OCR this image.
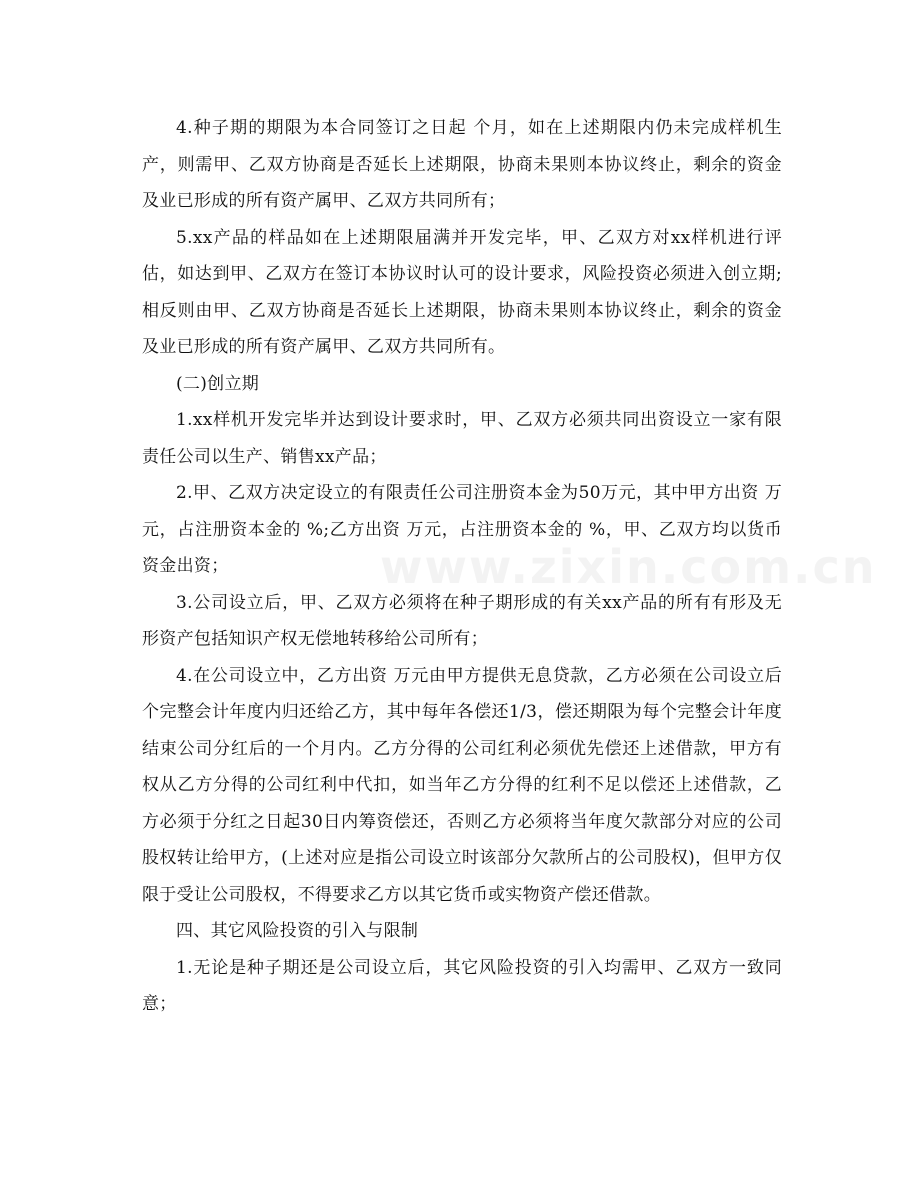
4.种子期的期限为本合同签订之日起 个月，如在上述期限内仍未完成样机生产，则需甲、乙双方协商是否延长上述期限，协商未果则本协议终止，剩余的资金及业已形成的所有资产属甲、乙双方共同所有；

5.xx产品的样品如在上述期限届满并开发完毕，甲、乙双方对xx样机进行评估，如达到甲、乙双方在签订本协议时认可的设计要求，风险投资必须进入创立期;相反则由甲、乙双方协商是否延长上述期限，协商未果则本协议终止，剩余的资金及业已形成的所有资产属甲、乙双方共同所有。

(二)创立期

1.xx样机开发完毕并达到设计要求时，甲、乙双方必须共同出资设立一家有限责任公司以生产、销售xx产品；

2.甲、乙双方决定设立的有限责任公司注册资本金为50万元，其中甲方出资 万元，占注册资本金的 %;乙方出资 万元，占注册资本金的 %，甲、乙双方均以货币资金出资；

3.公司设立后，甲、乙双方必须将在种子期形成的有关xx产品的所有有形及无形资产包括知识产权无偿地转移给公司所有；

4.在公司设立中，乙方出资 万元由甲方提供无息贷款，乙方必须在公司设立后 个完整会计年度内归还给乙方，其中每年各偿还1/3，偿还期限为每个完整会计年度结束公司分红后的一个月内。乙方分得的公司红利必须优先偿还上述借款，甲方有权从乙方分得的公司红利中代扣，如当年乙方分得的红利不足以偿还上述借款，乙方必须于分红之日起30日内筹资偿还，否则乙方必须将当年度欠款部分对应的公司股权转让给甲方，(上述对应是指公司设立时该部分欠款所占的公司股权)，但甲方仅限于受让公司股权，不得要求乙方以其它货币或实物资产偿还借款。

四、其它风险投资的引入与限制

1.无论是种子期还是公司设立后，其它风险投资的引入均需甲、乙双方一致同意；

www.zixin.com.cn
